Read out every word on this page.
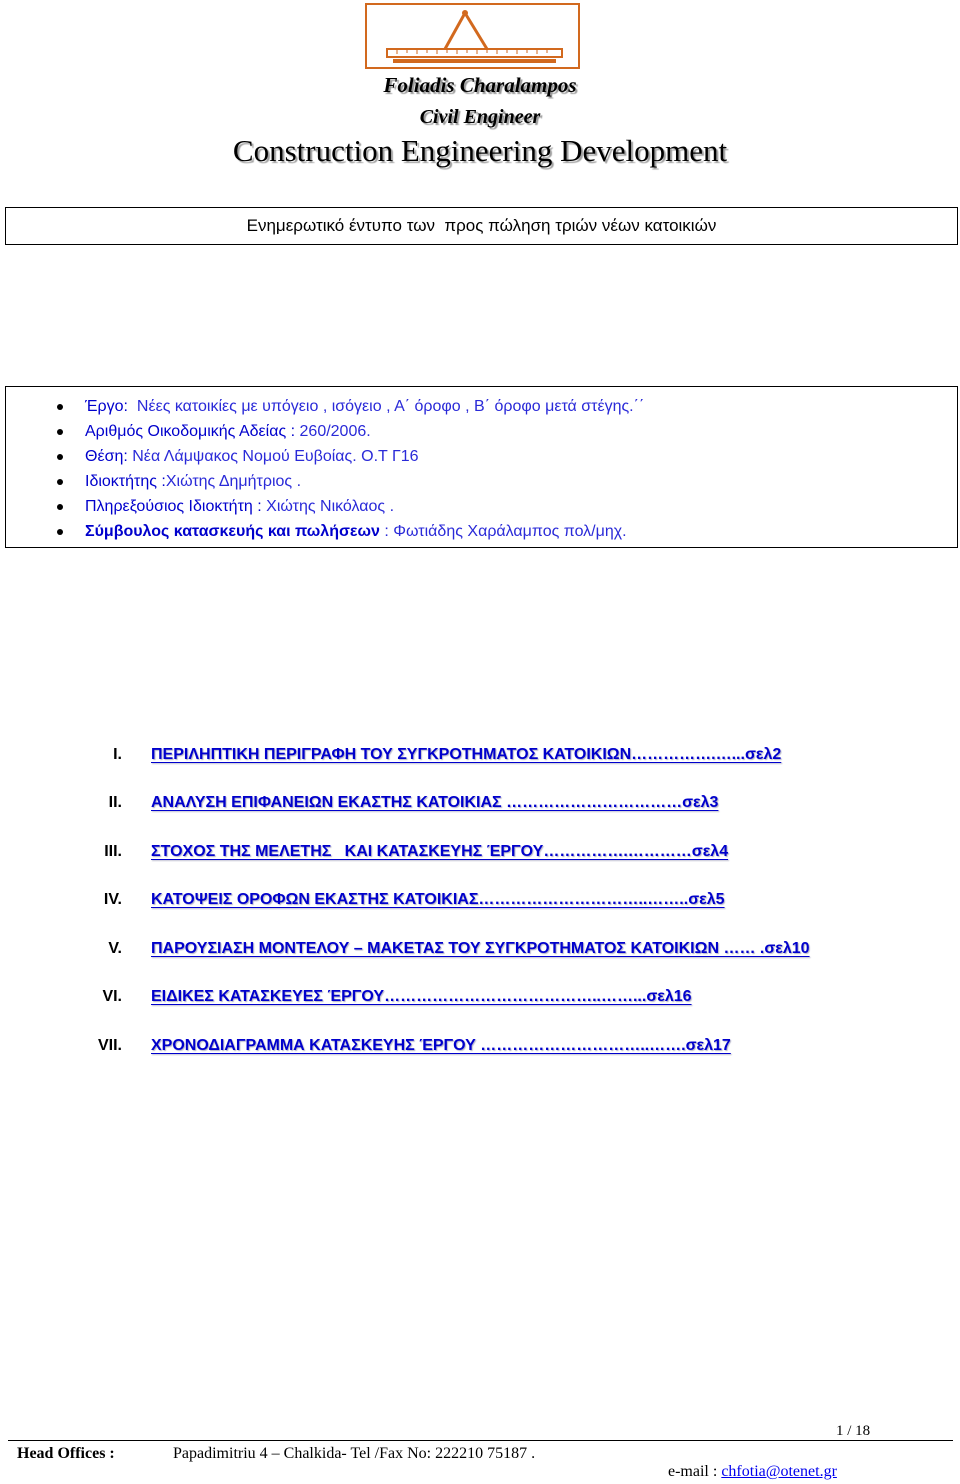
Foliadis Charalampos
Civil Engineer
Construction Engineering Development
Ενημερωτικό έντυπο των  προς πώληση τριών νέων κατοικιών

Έργο:  Νέες κατοικίες με υπόγειο , ισόγειο , Α΄ όροφο , Β΄ όροφο μετά στέγης.΄΄

Αριθμός Οικοδομικής Αδείας : 260/2006.

Θέση: Νέα Λάμψακος Νομού Ευβοίας. Ο.Τ Γ16

Ιδιοκτήτης :Χιώτης Δημήτριος .

Πληρεξούσιος Ιδιοκτήτη : Χιώτης Νικόλαος .

Σύμβουλος κατασκευής και πωλήσεων : Φωτιάδης Χαράλαμπος πολ/μηχ.

I.

ΠΕΡΙΛΗΠΤΙΚΗ ΠΕΡΙΓΡΑΦΗ ΤΟΥ ΣΥΓΚΡΟΤΗΜΑΤΟΣ ΚΑΤΟΙΚΙΩΝ…………….…...σελ2

II.

ΑΝΑΛΥΣΗ ΕΠΙΦΑΝΕΙΩΝ ΕΚΑΣΤΗΣ ΚΑΤΟΙΚΙΑΣ ……………………………σελ3

III.

ΣΤΟΧΟΣ ΤΗΣ ΜΕΛΕΤΗΣ   ΚΑΙ ΚΑΤΑΣΚΕΥΗΣ ΈΡΓΟΥ…………….…………σελ4

IV.

ΚΑΤΟΨΕΙΣ ΟΡΟΦΩΝ ΕΚΑΣΤΗΣ ΚΑΤΟΙΚΙΑΣ…………………………..……..σελ5

V.

ΠΑΡΟΥΣΙΑΣΗ ΜΟΝΤΕΛΟΥ – ΜΑΚΕΤΑΣ ΤΟΥ ΣΥΓΚΡΟΤΗΜΑΤΟΣ ΚΑΤΟΙΚΙΩΝ …… .σελ10

VI.

ΕΙΔΙΚΕΣ ΚΑΤΑΣΚΕΥΕΣ ΈΡΓΟΥ…………………………………..……...σελ16

VII.

ΧΡΟΝΟΔΙΑΓΡΑΜΜΑ ΚΑΤΑΣΚΕΥΗΣ ΈΡΓΟΥ …………………………..…….σελ17

1 / 18
Head Offices :	Papadimitriu 4 – Chalkida- Tel /Fax No: 222210 75187 .

e-mail : chfotia@otenet.gr
